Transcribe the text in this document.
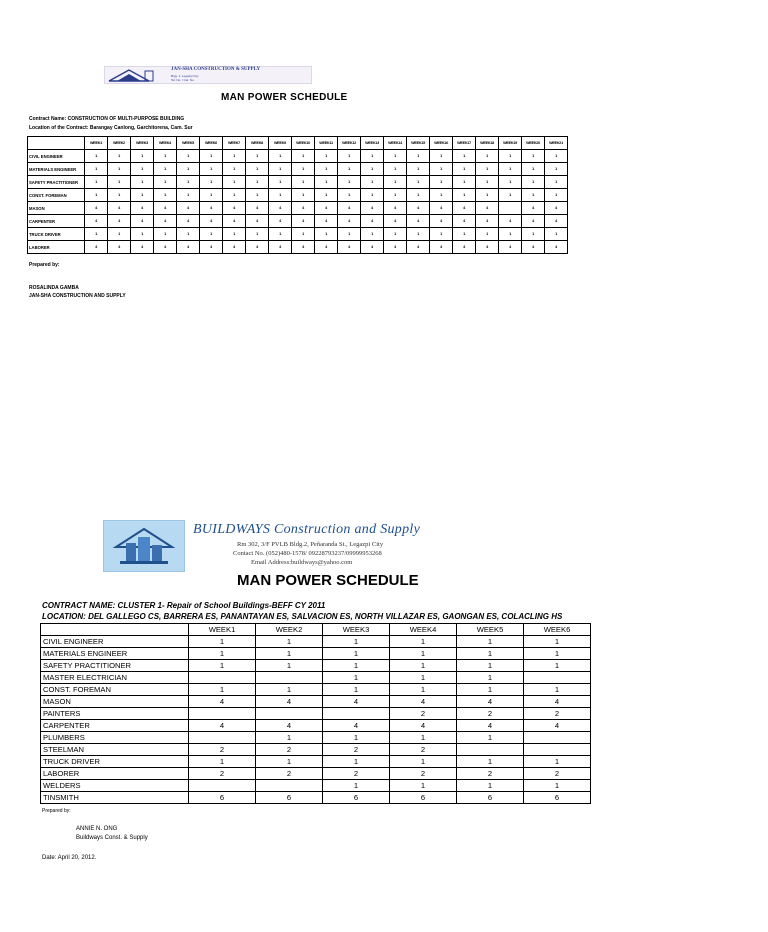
JAN-SHA CONSTRUCTION & SUPPLY
Brgy. 1, Legazpi City
Tel. No. / Cel. No.
MAN POWER SCHEDULE
Contract Name: CONSTRUCTION OF MULTI-PURPOSE BUILDING
Location of the Contract: Barangay Canlong, Garchitorena, Cam. Sur
	WEEK1	WEEK2	WEEK3	WEEK4	WEEK5	WEEK6	WEEK7	WEEK8	WEEK9	WEEK10	WEEK11	WEEK12	WEEK13	WEEK14	WEEK15	WEEK16	WEEK17	WEEK18	WEEK19	WEEK20	WEEK21
CIVIL ENGINEER	1	1	1	1	1	1	1	1	1	1	1	1	1	1	1	1	1	1	1	1	1
MATERIALS ENGINEER	1	1	1	1	1	1	1	1	1	1	1	1	1	1	1	1	1	1	1	1	1
SAFETY PRACTITIONER	1	1	1	1	1	1	1	1	1	1	1	1	1	1	1	1	1	1	1	1	1
CONST. FOREMAN	1	1	1	1	1	1	1	1	1	1	1	1	1	1	1	1	1	1	1	1	1
MASON	4	4	4	4	4	4	4	4	4	4	4	4	4	4	4	4	4	4		4	4
CARPENTER	4	4	4	4	4	4	4	4	4	4	4	4	4	4	4	4	4	4	4	4	4
TRUCK DRIVER	1	1	1	1	1	1	1	1	1	1	1	1	1	1	1	1	1	1	1	1	1
LABORER	4	4	4	4	4	4	4	4	4	4	4	4	4	4	4	4	4	4	4	4	4
Prepared by:
ROSALINDA GAMBA
JAN-SHA CONSTRUCTION AND SUPPLY
BUILDWAYS Construction and Supply
Rm 302, 3/F PVLB Bldg.2, Peñaranda St., Legazpi City
Contact No. (052)480-1578/ 09228793237/09999953268
Email Address:buildways@yahoo.com
MAN POWER SCHEDULE
CONTRACT NAME: CLUSTER 1- Repair of School Buildings-BEFF CY 2011
LOCATION: DEL GALLEGO CS, BARRERA ES, PANANTAYAN ES, SALVACION ES, NORTH VILLAZAR ES, GAONGAN ES, COLACLING HS
	WEEK1	WEEK2	WEEK3	WEEK4	WEEK5	WEEK6
CIVIL ENGINEER	1	1	1	1	1	1
MATERIALS ENGINEER	1	1	1	1	1	1
SAFETY PRACTITIONER	1	1	1	1	1	1
MASTER ELECTRICIAN			1	1	1	
CONST. FOREMAN	1	1	1	1	1	1
MASON	4	4	4	4	4	4
PAINTERS				2	2	2
CARPENTER	4	4	4	4	4	4
PLUMBERS		1	1	1	1	
STEELMAN	2	2	2	2		
TRUCK DRIVER	1	1	1	1	1	1
LABORER	2	2	2	2	2	2
WELDERS			1	1	1	1
TINSMITH	6	6	6	6	6	6
Prepared by:
ANNIE N. ONG
Buildways Const. & Supply
Date: April 20, 2012.
